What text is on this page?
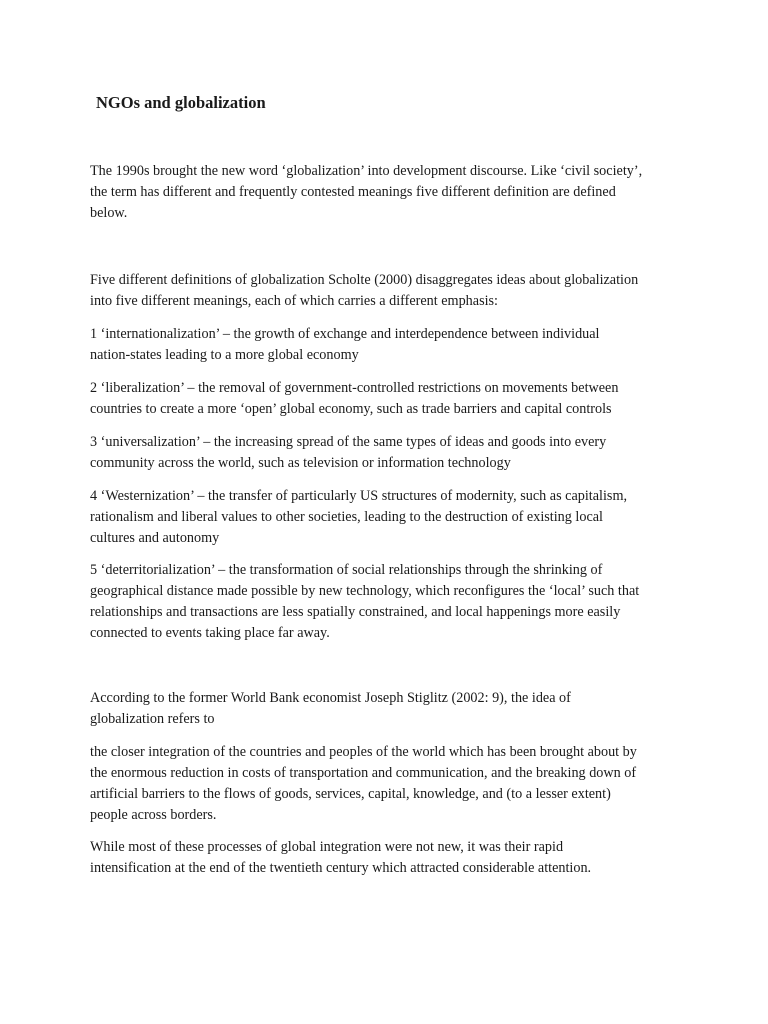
NGOs and globalization
The 1990s brought the new word ‘globalization’ into development discourse. Like ‘civil society’,
the term has different and frequently contested meanings five different definition are defined
below.
Five different definitions of globalization Scholte (2000) disaggregates ideas about globalization
into five different meanings, each of which carries a different emphasis:
1 ‘internationalization’ – the growth of exchange and interdependence between individual
nation-states leading to a more global economy
2 ‘liberalization’ – the removal of government-controlled restrictions on movements between
countries to create a more ‘open’ global economy, such as trade barriers and capital controls
3 ‘universalization’ – the increasing spread of the same types of ideas and goods into every
community across the world, such as television or information technology
4 ‘Westernization’ – the transfer of particularly US structures of modernity, such as capitalism,
rationalism and liberal values to other societies, leading to the destruction of existing local
cultures and autonomy
5 ‘deterritorialization’ – the transformation of social relationships through the shrinking of
geographical distance made possible by new technology, which reconfigures the ‘local’ such that
relationships and transactions are less spatially constrained, and local happenings more easily
connected to events taking place far away.
According to the former World Bank economist Joseph Stiglitz (2002: 9), the idea of
globalization refers to
the closer integration of the countries and peoples of the world which has been brought about by
the enormous reduction in costs of transportation and communication, and the breaking down of
artificial barriers to the flows of goods, services, capital, knowledge, and (to a lesser extent)
people across borders.
While most of these processes of global integration were not new, it was their rapid
intensification at the end of the twentieth century which attracted considerable attention.
